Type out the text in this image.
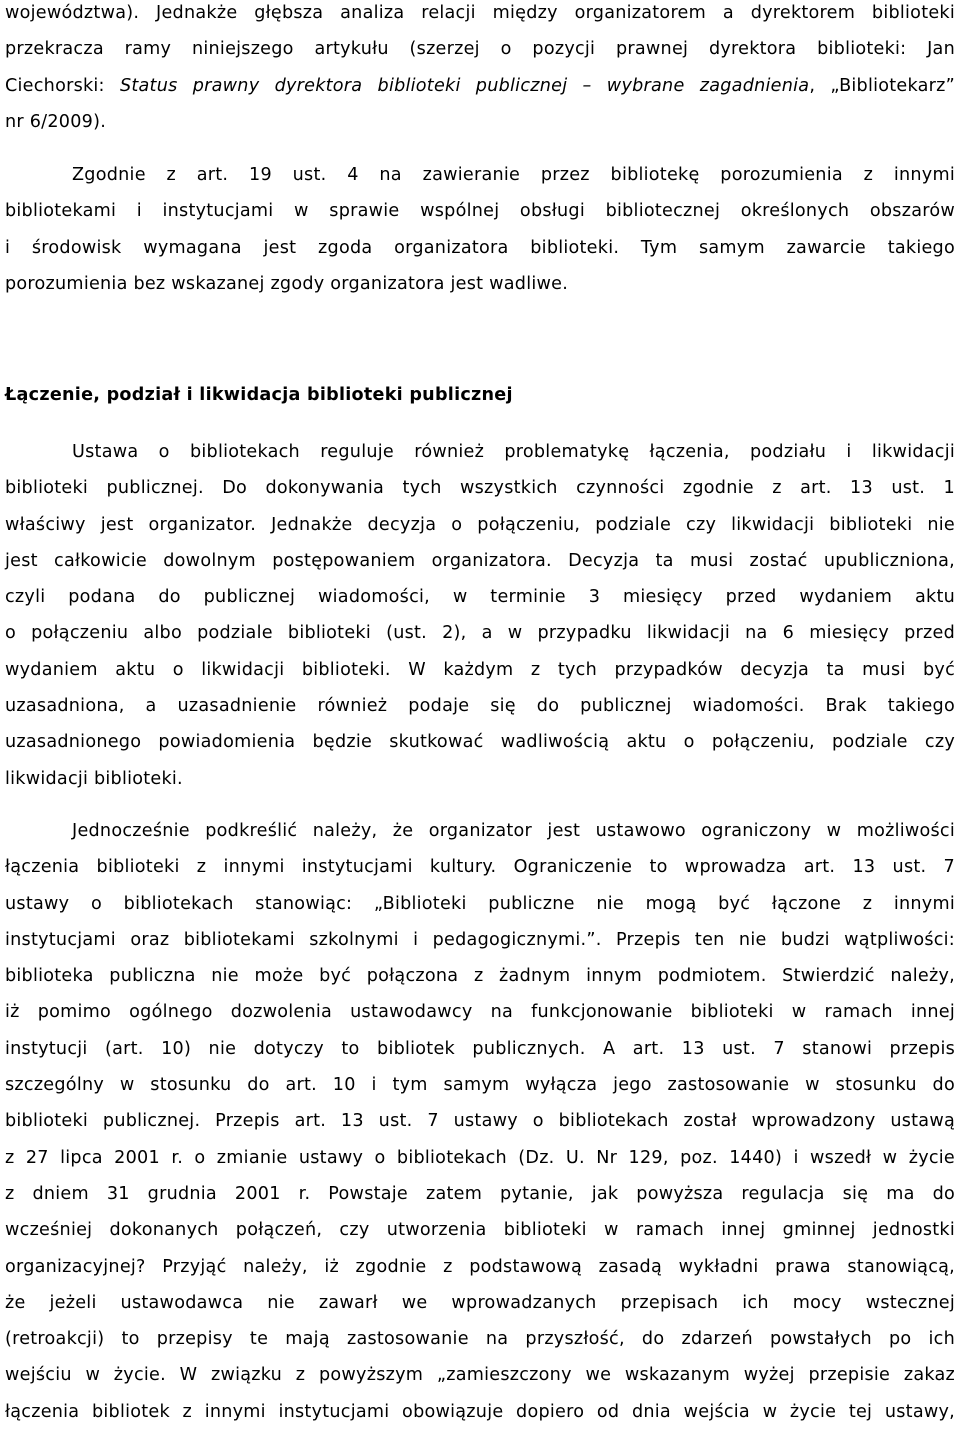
województwa). Jednakże głębsza analiza relacji między organizatorem a dyrektorem biblioteki
przekracza ramy niniejszego artykułu (szerzej o pozycji prawnej dyrektora biblioteki: Jan
Ciechorski: Status prawny dyrektora biblioteki publicznej – wybrane zagadnienia, „Bibliotekarz”
nr 6/2009).
Zgodnie z art. 19 ust. 4 na zawieranie przez bibliotekę porozumienia z innymi
bibliotekami i instytucjami w sprawie wspólnej obsługi bibliotecznej określonych obszarów
i środowisk wymagana jest zgoda organizatora biblioteki. Tym samym zawarcie takiego
porozumienia bez wskazanej zgody organizatora jest wadliwe.
Łączenie, podział i likwidacja biblioteki publicznej
Ustawa o bibliotekach reguluje również problematykę łączenia, podziału i likwidacji
biblioteki publicznej. Do dokonywania tych wszystkich czynności zgodnie z art. 13 ust. 1
właściwy jest organizator. Jednakże decyzja o połączeniu, podziale czy likwidacji biblioteki nie
jest całkowicie dowolnym postępowaniem organizatora. Decyzja ta musi zostać upubliczniona,
czyli podana do publicznej wiadomości, w terminie 3 miesięcy przed wydaniem aktu
o połączeniu albo podziale biblioteki (ust. 2), a w przypadku likwidacji na 6 miesięcy przed
wydaniem aktu o likwidacji biblioteki. W każdym z tych przypadków decyzja ta musi być
uzasadniona, a uzasadnienie również podaje się do publicznej wiadomości. Brak takiego
uzasadnionego powiadomienia będzie skutkować wadliwością aktu o połączeniu, podziale czy
likwidacji biblioteki.
Jednocześnie podkreślić należy, że organizator jest ustawowo ograniczony w możliwości
łączenia biblioteki z innymi instytucjami kultury. Ograniczenie to wprowadza art. 13 ust. 7
ustawy o bibliotekach stanowiąc: „Biblioteki publiczne nie mogą być łączone z innymi
instytucjami oraz bibliotekami szkolnymi i pedagogicznymi.”. Przepis ten nie budzi wątpliwości:
biblioteka publiczna nie może być połączona z żadnym innym podmiotem. Stwierdzić należy,
iż pomimo ogólnego dozwolenia ustawodawcy na funkcjonowanie biblioteki w ramach innej
instytucji (art. 10) nie dotyczy to bibliotek publicznych. A art. 13 ust. 7 stanowi przepis
szczególny w stosunku do art. 10 i tym samym wyłącza jego zastosowanie w stosunku do
biblioteki publicznej. Przepis art. 13 ust. 7 ustawy o bibliotekach został wprowadzony ustawą
z 27 lipca 2001 r. o zmianie ustawy o bibliotekach (Dz. U. Nr 129, poz. 1440) i wszedł w życie
z dniem 31 grudnia 2001 r. Powstaje zatem pytanie, jak powyższa regulacja się ma do
wcześniej dokonanych połączeń, czy utworzenia biblioteki w ramach innej gminnej jednostki
organizacyjnej? Przyjąć należy, iż zgodnie z podstawową zasadą wykładni prawa stanowiącą,
że jeżeli ustawodawca nie zawarł we wprowadzanych przepisach ich mocy wstecznej
(retroakcji) to przepisy te mają zastosowanie na przyszłość, do zdarzeń powstałych po ich
wejściu w życie. W związku z powyższym „zamieszczony we wskazanym wyżej przepisie zakaz
łączenia bibliotek z innymi instytucjami obowiązuje dopiero od dnia wejścia w życie tej ustawy,
